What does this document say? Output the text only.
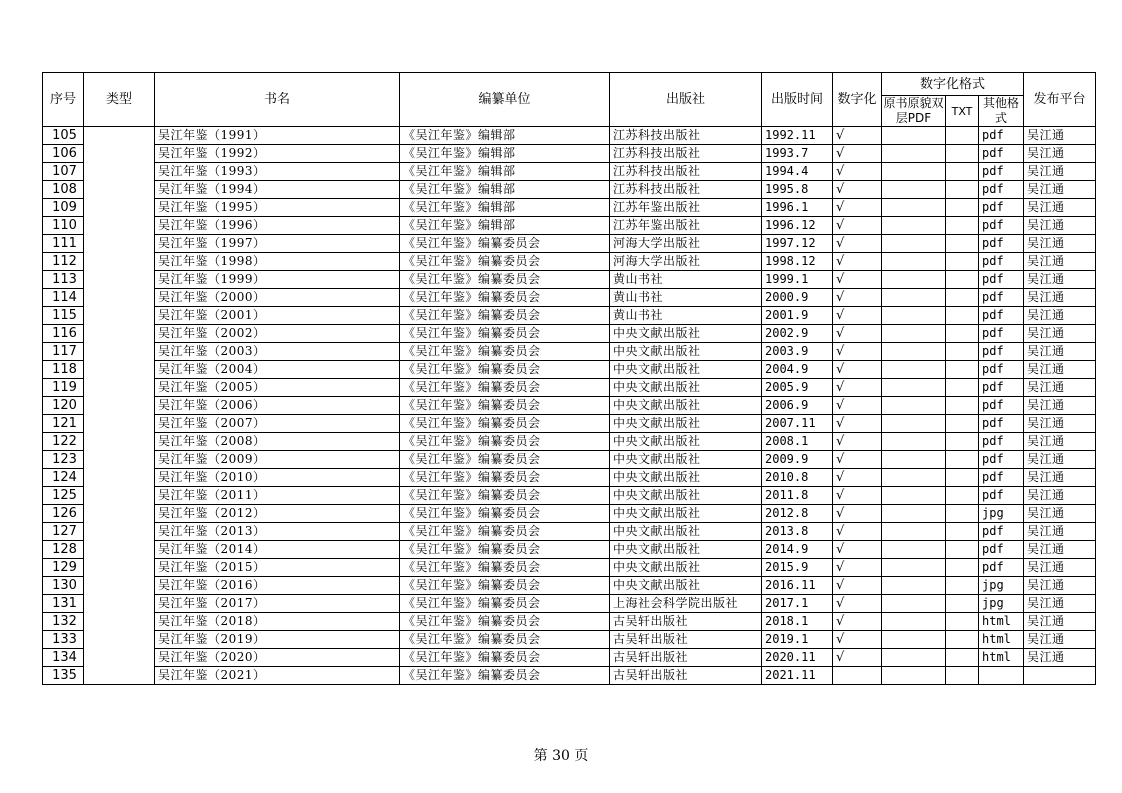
序号	类型	书名	编纂单位	出版社	出版时间	数字化	数字化格式			发布平台
							原书原貌双层PDF	TXT	其他格式	
105		吴江年鉴（1991）	《吴江年鉴》编辑部	江苏科技出版社	1992.11	√			pdf	吴江通
106		吴江年鉴（1992）	《吴江年鉴》编辑部	江苏科技出版社	1993.7	√			pdf	吴江通
107		吴江年鉴（1993）	《吴江年鉴》编辑部	江苏科技出版社	1994.4	√			pdf	吴江通
108		吴江年鉴（1994）	《吴江年鉴》编辑部	江苏科技出版社	1995.8	√			pdf	吴江通
109		吴江年鉴（1995）	《吴江年鉴》编辑部	江苏年鉴出版社	1996.1	√			pdf	吴江通
110		吴江年鉴（1996）	《吴江年鉴》编辑部	江苏年鉴出版社	1996.12	√			pdf	吴江通
111		吴江年鉴（1997）	《吴江年鉴》编纂委员会	河海大学出版社	1997.12	√			pdf	吴江通
112		吴江年鉴（1998）	《吴江年鉴》编纂委员会	河海大学出版社	1998.12	√			pdf	吴江通
113		吴江年鉴（1999）	《吴江年鉴》编纂委员会	黄山书社	1999.1	√			pdf	吴江通
114		吴江年鉴（2000）	《吴江年鉴》编纂委员会	黄山书社	2000.9	√			pdf	吴江通
115		吴江年鉴（2001）	《吴江年鉴》编纂委员会	黄山书社	2001.9	√			pdf	吴江通
116		吴江年鉴（2002）	《吴江年鉴》编纂委员会	中央文献出版社	2002.9	√			pdf	吴江通
117		吴江年鉴（2003）	《吴江年鉴》编纂委员会	中央文献出版社	2003.9	√			pdf	吴江通
118		吴江年鉴（2004）	《吴江年鉴》编纂委员会	中央文献出版社	2004.9	√			pdf	吴江通
119		吴江年鉴（2005）	《吴江年鉴》编纂委员会	中央文献出版社	2005.9	√			pdf	吴江通
120		吴江年鉴（2006）	《吴江年鉴》编纂委员会	中央文献出版社	2006.9	√			pdf	吴江通
121		吴江年鉴（2007）	《吴江年鉴》编纂委员会	中央文献出版社	2007.11	√			pdf	吴江通
122		吴江年鉴（2008）	《吴江年鉴》编纂委员会	中央文献出版社	2008.1	√			pdf	吴江通
123		吴江年鉴（2009）	《吴江年鉴》编纂委员会	中央文献出版社	2009.9	√			pdf	吴江通
124		吴江年鉴（2010）	《吴江年鉴》编纂委员会	中央文献出版社	2010.8	√			pdf	吴江通
125		吴江年鉴（2011）	《吴江年鉴》编纂委员会	中央文献出版社	2011.8	√			pdf	吴江通
126		吴江年鉴（2012）	《吴江年鉴》编纂委员会	中央文献出版社	2012.8	√			jpg	吴江通
127		吴江年鉴（2013）	《吴江年鉴》编纂委员会	中央文献出版社	2013.8	√			pdf	吴江通
128		吴江年鉴（2014）	《吴江年鉴》编纂委员会	中央文献出版社	2014.9	√			pdf	吴江通
129		吴江年鉴（2015）	《吴江年鉴》编纂委员会	中央文献出版社	2015.9	√			pdf	吴江通
130		吴江年鉴（2016）	《吴江年鉴》编纂委员会	中央文献出版社	2016.11	√			jpg	吴江通
131		吴江年鉴（2017）	《吴江年鉴》编纂委员会	上海社会科学院出版社	2017.1	√			jpg	吴江通
132		吴江年鉴（2018）	《吴江年鉴》编纂委员会	古吴轩出版社	2018.1	√			html	吴江通
133		吴江年鉴（2019）	《吴江年鉴》编纂委员会	古吴轩出版社	2019.1	√			html	吴江通
134		吴江年鉴（2020）	《吴江年鉴》编纂委员会	古吴轩出版社	2020.11	√			html	吴江通
135		吴江年鉴（2021）	《吴江年鉴》编纂委员会	古吴轩出版社	2021.11					
第 30 页
